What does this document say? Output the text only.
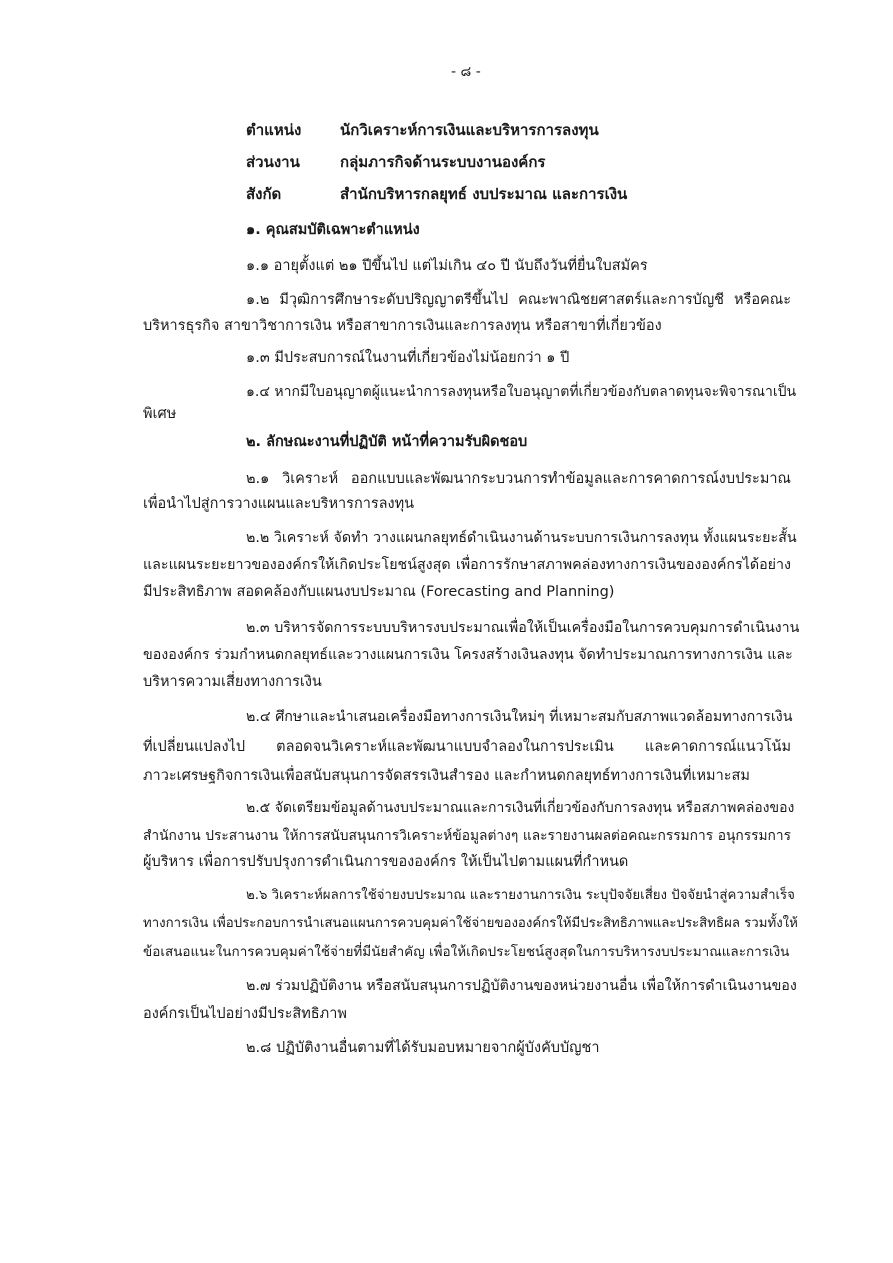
- ๘ -
ตำแหน่ง	นักวิเคราะห์การเงินและบริหารการลงทุน
ส่วนงาน	กลุ่มภารกิจด้านระบบงานองค์กร
สังกัด	สำนักบริหารกลยุทธ์ งบประมาณ และการเงิน
๑. คุณสมบัติเฉพาะตำแหน่ง
๑.๑ อายุตั้งแต่ ๒๑ ปีขึ้นไป แต่ไม่เกิน ๔๐ ปี นับถึงวันที่ยื่นใบสมัคร
๑.๒ มีวุฒิการศึกษาระดับปริญญาตรีขึ้นไป คณะพาณิชยศาสตร์และการบัญชี หรือคณะ
บริหารธุรกิจ สาขาวิชาการเงิน หรือสาขาการเงินและการลงทุน หรือสาขาที่เกี่ยวข้อง
๑.๓ มีประสบการณ์ในงานที่เกี่ยวข้องไม่น้อยกว่า ๑ ปี
๑.๔ หากมีใบอนุญาตผู้แนะนำการลงทุนหรือใบอนุญาตที่เกี่ยวข้องกับตลาดทุนจะพิจารณาเป็น
พิเศษ
๒. ลักษณะงานที่ปฏิบัติ หน้าที่ความรับผิดชอบ
๒.๑ วิเคราะห์ ออกแบบและพัฒนากระบวนการทำข้อมูลและการคาดการณ์งบประมาณ
เพื่อนำไปสู่การวางแผนและบริหารการลงทุน
๒.๒ วิเคราะห์ จัดทำ วางแผนกลยุทธ์ดำเนินงานด้านระบบการเงินการลงทุน ทั้งแผนระยะสั้น
และแผนระยะยาวขององค์กรให้เกิดประโยชน์สูงสุด เพื่อการรักษาสภาพคล่องทางการเงินขององค์กรได้อย่าง
มีประสิทธิภาพ สอดคล้องกับแผนงบประมาณ (Forecasting and Planning)
๒.๓ บริหารจัดการระบบบริหารงบประมาณเพื่อให้เป็นเครื่องมือในการควบคุมการดำเนินงาน
ขององค์กร ร่วมกำหนดกลยุทธ์และวางแผนการเงิน โครงสร้างเงินลงทุน จัดทำประมาณการทางการเงิน และ
บริหารความเสี่ยงทางการเงิน
๒.๔ ศึกษาและนำเสนอเครื่องมือทางการเงินใหม่ๆ ที่เหมาะสมกับสภาพแวดล้อมทางการเงิน
ที่เปลี่ยนแปลงไป ตลอดจนวิเคราะห์และพัฒนาแบบจำลองในการประเมิน และคาดการณ์แนวโน้ม
ภาวะเศรษฐกิจการเงินเพื่อสนับสนุนการจัดสรรเงินสำรอง และกำหนดกลยุทธ์ทางการเงินที่เหมาะสม
๒.๕ จัดเตรียมข้อมูลด้านงบประมาณและการเงินที่เกี่ยวข้องกับการลงทุน หรือสภาพคล่องของ
สำนักงาน ประสานงาน ให้การสนับสนุนการวิเคราะห์ข้อมูลต่างๆ และรายงานผลต่อคณะกรรมการ อนุกรรมการ
ผู้บริหาร เพื่อการปรับปรุงการดำเนินการขององค์กร ให้เป็นไปตามแผนที่กำหนด
๒.๖ วิเคราะห์ผลการใช้จ่ายงบประมาณ และรายงานการเงิน ระบุปัจจัยเสี่ยง ปัจจัยนำสู่ความสำเร็จ
ทางการเงิน เพื่อประกอบการนำเสนอแผนการควบคุมค่าใช้จ่ายขององค์กรให้มีประสิทธิภาพและประสิทธิผล รวมทั้งให้
ข้อเสนอแนะในการควบคุมค่าใช้จ่ายที่มีนัยสำคัญ เพื่อให้เกิดประโยชน์สูงสุดในการบริหารงบประมาณและการเงิน
๒.๗ ร่วมปฏิบัติงาน หรือสนับสนุนการปฏิบัติงานของหน่วยงานอื่น เพื่อให้การดำเนินงานของ
องค์กรเป็นไปอย่างมีประสิทธิภาพ
๒.๘ ปฏิบัติงานอื่นตามที่ได้รับมอบหมายจากผู้บังคับบัญชา
